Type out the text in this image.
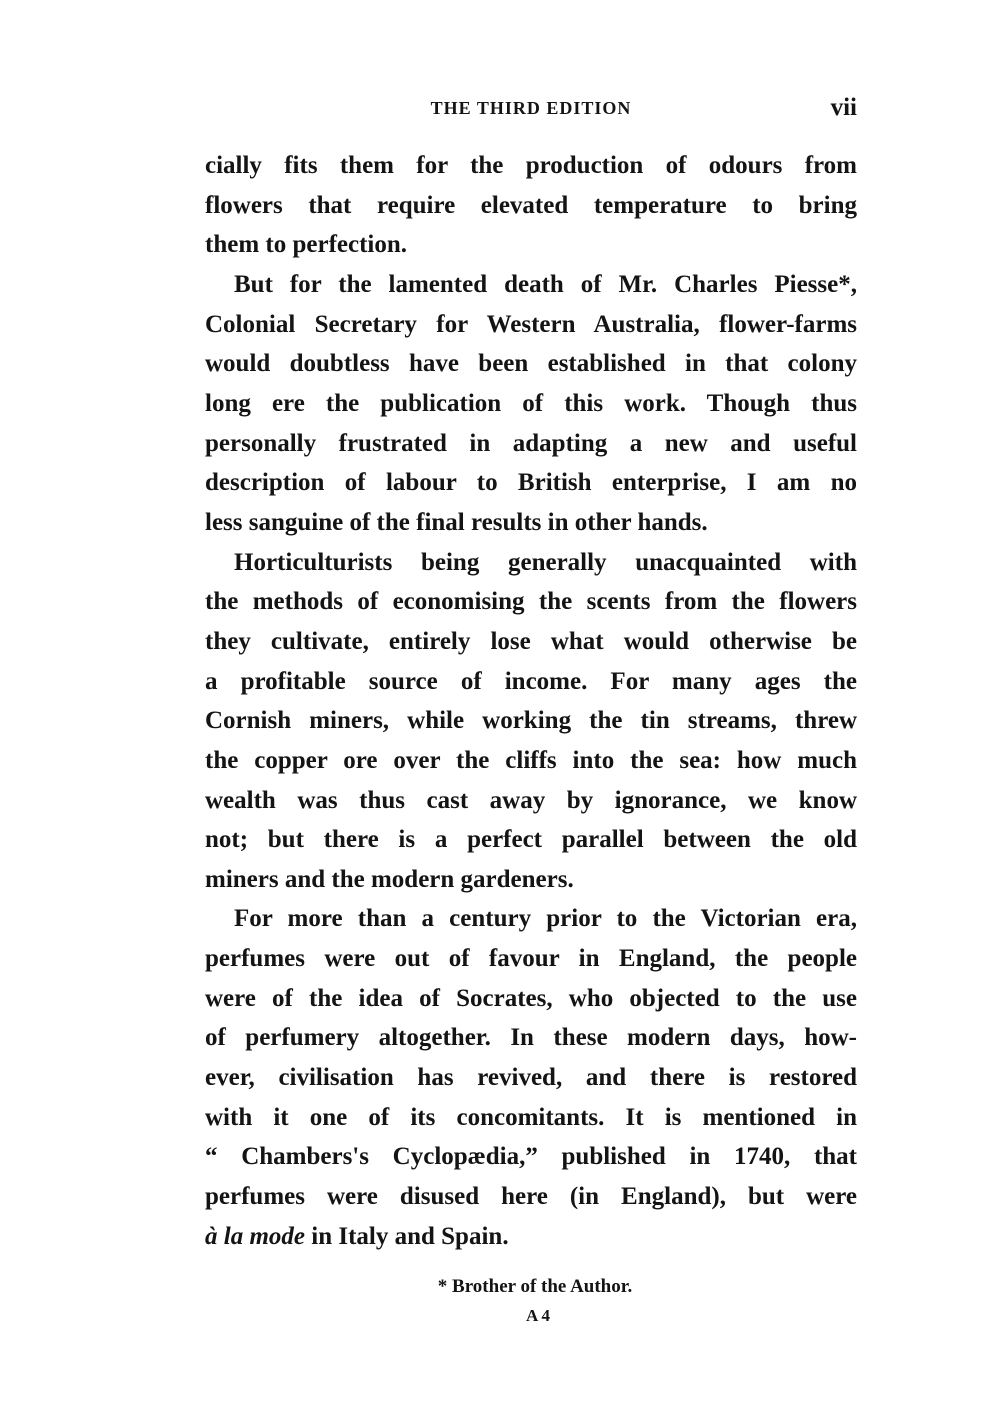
THE THIRD EDITION	vii
cially fits them for the production of odours from
flowers that require elevated temperature to bring
them to perfection.
But for the lamented death of Mr. Charles Piesse*,
Colonial Secretary for Western Australia, flower-farms
would doubtless have been established in that colony
long ere the publication of this work. Though thus
personally frustrated in adapting a new and useful
description of labour to British enterprise, I am no
less sanguine of the final results in other hands.
Horticulturists being generally unacquainted with
the methods of economising the scents from the flowers
they cultivate, entirely lose what would otherwise be
a profitable source of income. For many ages the
Cornish miners, while working the tin streams, threw
the copper ore over the cliffs into the sea: how much
wealth was thus cast away by ignorance, we know
not; but there is a perfect parallel between the old
miners and the modern gardeners.
For more than a century prior to the Victorian era,
perfumes were out of favour in England, the people
were of the idea of Socrates, who objected to the use
of perfumery altogether. In these modern days, how-
ever, civilisation has revived, and there is restored
with it one of its concomitants. It is mentioned in
“ Chambers's Cyclopædia,” published in 1740, that
perfumes were disused here (in England), but were
à la mode in Italy and Spain.
* Brother of the Author.
A 4
